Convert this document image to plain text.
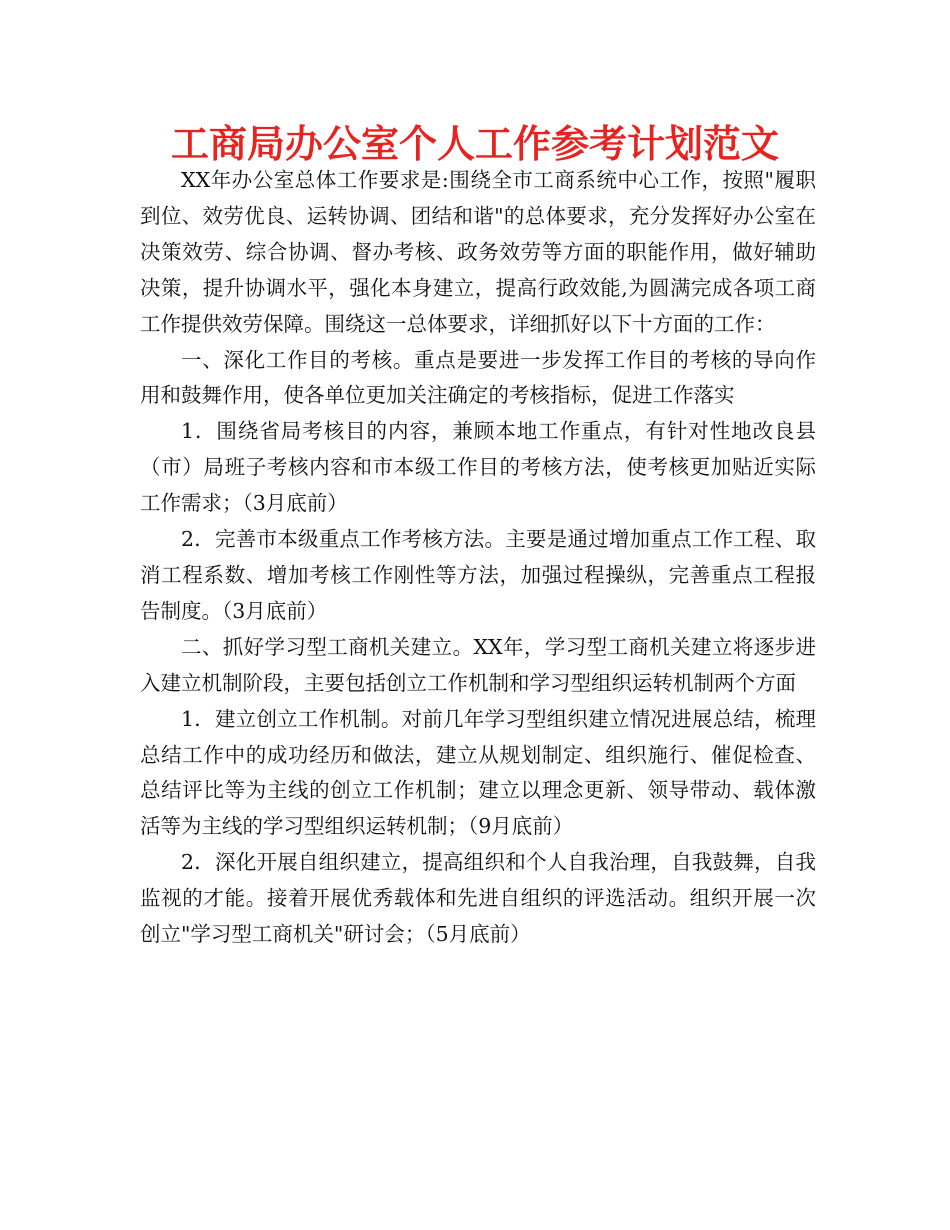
工商局办公室个人工作参考计划范文

XX年办公室总体工作要求是:围绕全市工商系统中心工作，按照"履职到位、效劳优良、运转协调、团结和谐"的总体要求，充分发挥好办公室在决策效劳、综合协调、督办考核、政务效劳等方面的职能作用，做好辅助决策，提升协调水平，强化本身建立，提高行政效能,为圆满完成各项工商工作提供效劳保障。围绕这一总体要求，详细抓好以下十方面的工作：

一、深化工作目的考核。重点是要进一步发挥工作目的考核的导向作用和鼓舞作用，使各单位更加关注确定的考核指标，促进工作落实

1．围绕省局考核目的内容，兼顾本地工作重点，有针对性地改良县（市）局班子考核内容和市本级工作目的考核方法，使考核更加贴近实际工作需求；（3月底前）

2．完善市本级重点工作考核方法。主要是通过增加重点工作工程、取消工程系数、增加考核工作刚性等方法，加强过程操纵，完善重点工程报告制度。（3月底前）

二、抓好学习型工商机关建立。XX年，学习型工商机关建立将逐步进入建立机制阶段，主要包括创立工作机制和学习型组织运转机制两个方面

1．建立创立工作机制。对前几年学习型组织建立情况进展总结，梳理总结工作中的成功经历和做法，建立从规划制定、组织施行、催促检查、总结评比等为主线的创立工作机制；建立以理念更新、领导带动、载体激活等为主线的学习型组织运转机制；（9月底前）

2．深化开展自组织建立，提高组织和个人自我治理，自我鼓舞，自我监视的才能。接着开展优秀载体和先进自组织的评选活动。组织开展一次创立"学习型工商机关"研讨会；（5月底前）
